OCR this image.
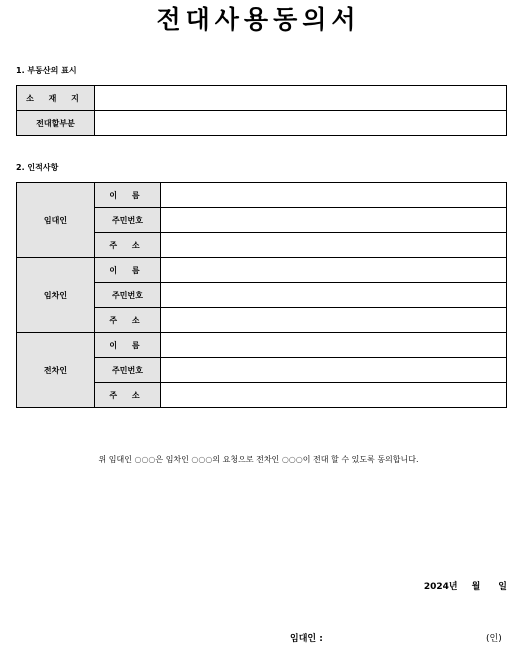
전대사용동의서
1. 부동산의 표시
소 재 지	
전대할부분	
2. 인적사항
임대인	이 름	
	주민번호	
	주 소	
임차인	이 름	
	주민번호	
	주 소	
전차인	이 름	
	주민번호	
	주 소	
위 임대인 ○○○은 임차인 ○○○의 요청으로 전차인 ○○○이 전대 할 수 있도록 동의합니다.
2024년 월 일
임대인 :	(인)
